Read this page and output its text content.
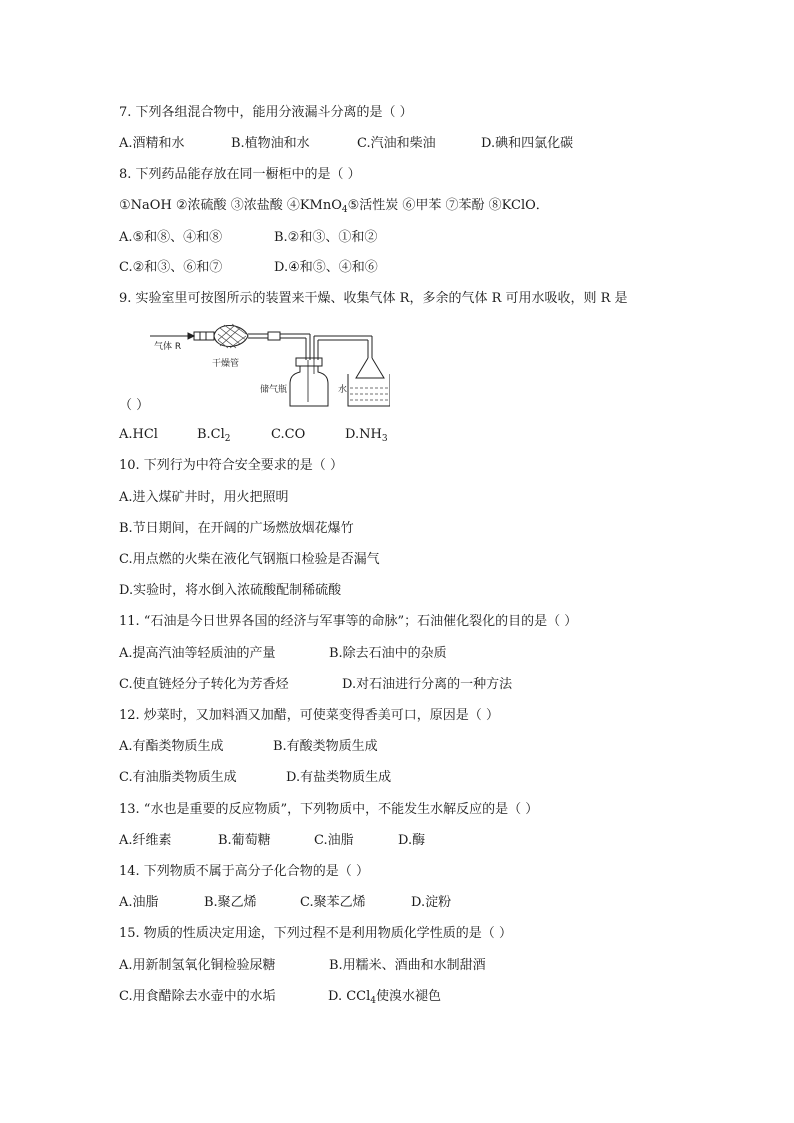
7. 下列各组混合物中，能用分液漏斗分离的是（ ）
A.酒精和水	B.植物油和水	C.汽油和柴油	D.碘和四氯化碳
8. 下列药品能存放在同一橱柜中的是（ ）
①NaOH ②浓硫酸 ③浓盐酸 ④KMnO$_4$⑤活性炭 ⑥甲苯 ⑦苯酚 ⑧KClO．
A.⑤和⑧、④和⑧	B.②和③、①和②
C.②和③、⑥和⑦	D.④和⑤、④和⑥
9. 实验室里可按图所示的装置来干燥、收集气体 R，多余的气体 R 可用水吸收，则 R 是
气体 R
干燥管
储气瓶	水
（ ）
A.HCl	$B.Cl_2$	C.CO	$D.NH_3$
10. 下列行为中符合安全要求的是（ ）
A.进入煤矿井时，用火把照明
B.节日期间，在开阔的广场燃放烟花爆竹
C.用点燃的火柴在液化气钢瓶口检验是否漏气
D.实验时，将水倒入浓硫酸配制稀硫酸
11. “石油是今日世界各国的经济与军事等的命脉”；石油催化裂化的目的是（ ）
A.提高汽油等轻质油的产量	B.除去石油中的杂质
C.使直链烃分子转化为芳香烃	D.对石油进行分离的一种方法
12. 炒菜时，又加料酒又加醋，可使菜变得香美可口，原因是（ ）
A.有酯类物质生成	B.有酸类物质生成
C.有油脂类物质生成	D.有盐类物质生成
13. “水也是重要的反应物质”，下列物质中，不能发生水解反应的是（ ）
A.纤维素	B.葡萄糖	C.油脂	D.酶
14. 下列物质不属于高分子化合物的是（ ）
A.油脂	B.聚乙烯	C.聚苯乙烯	D.淀粉
15. 物质的性质决定用途，下列过程不是利用物质化学性质的是（ ）
A.用新制氢氧化铜检验尿糖	B.用糯米、酒曲和水制甜酒
C.用食醋除去水壶中的水垢	D. CCl$_4$使溴水褪色
